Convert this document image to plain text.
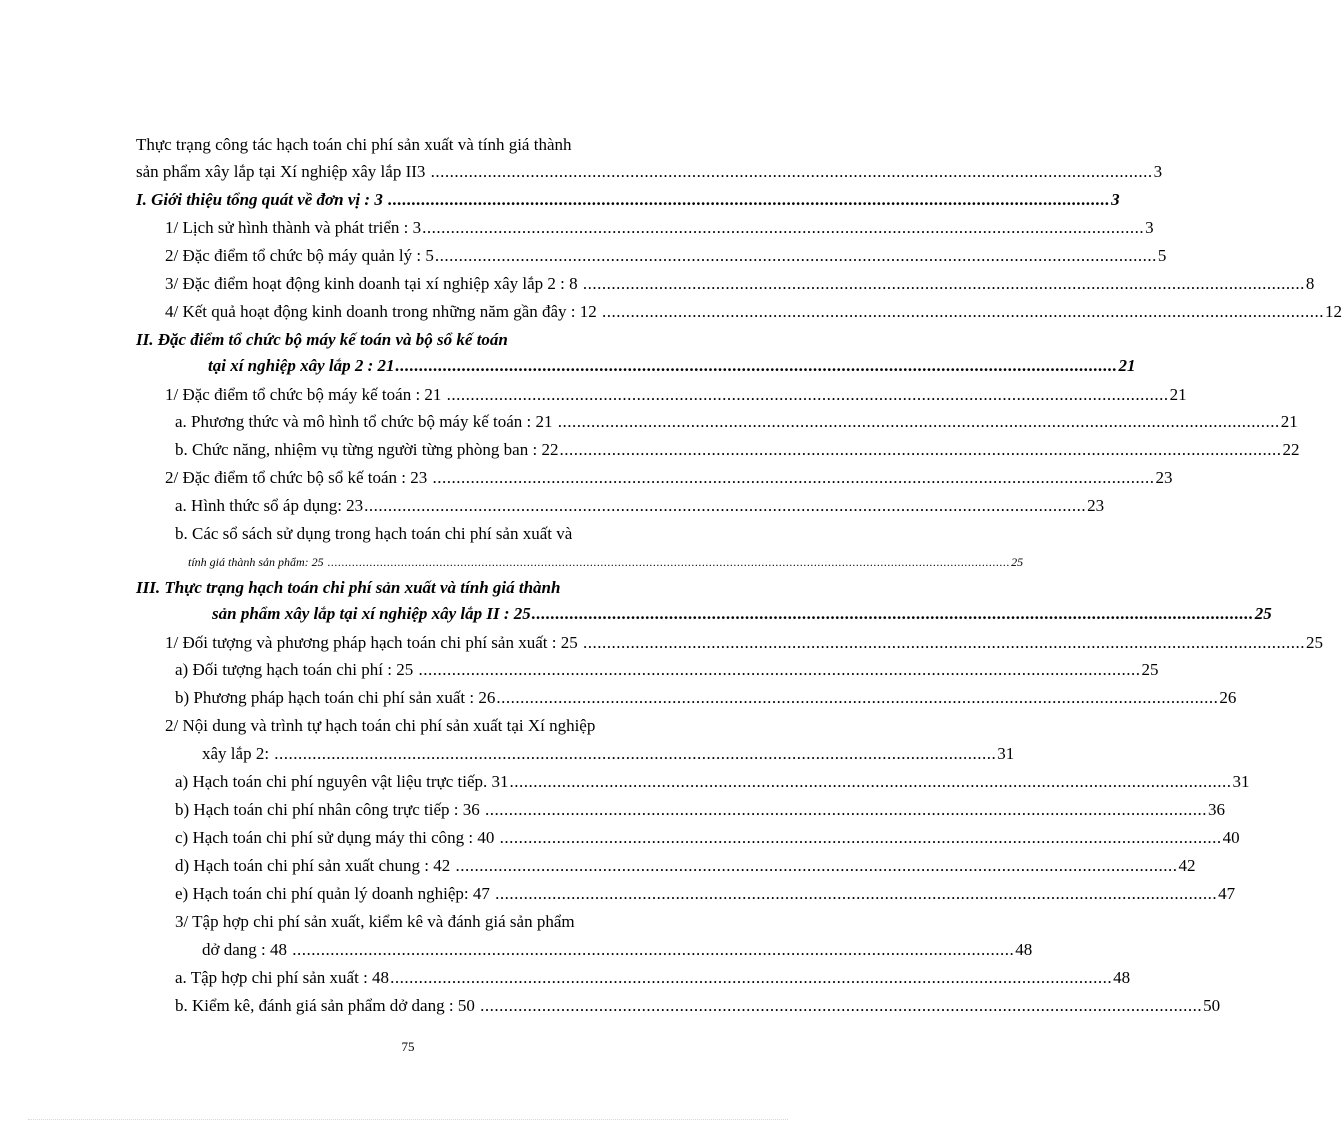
Thực trạng công tác hạch toán chi phí sản xuất và tính giá thành
sản phẩm xây lắp tại Xí nghiệp xây lắp II3 ........................................................................................................................................................ 3
I. Giới thiệu tổng quát về đơn vị : 3 ........................................................................................................................................................ 3
1/ Lịch sử hình thành và phát triển : 3 ........................................................................................................................................................ 3
2/ Đặc điểm tổ chức bộ máy quản lý : 5 ........................................................................................................................................................ 5
3/ Đặc điểm hoạt động kinh doanh tại xí nghiệp xây lắp 2 : 8 ........................................................................................................................................................ 8
4/ Kết quả hoạt động kinh doanh trong những năm gần đây : 12 ........................................................................................................................................................ 12
II. Đặc điểm tổ chức bộ máy kế toán và bộ sổ kế toán
tại xí nghiệp xây lắp 2 : 21 ........................................................................................................................................................ 21
1/ Đặc điểm tổ chức bộ máy kế toán : 21 ........................................................................................................................................................ 21
a. Phương thức và mô hình tổ chức bộ máy kế toán : 21 ........................................................................................................................................................ 21
b. Chức năng, nhiệm vụ từng người từng phòng ban : 22 ........................................................................................................................................................ 22
2/ Đặc điểm tổ chức bộ sổ kế toán : 23 ........................................................................................................................................................ 23
a. Hình thức sổ áp dụng: 23 ........................................................................................................................................................ 23
b. Các sổ sách sử dụng trong hạch toán chi phí sản xuất và
tính giá thành sản phẩm: 25 ................................................................................................................................................................................................... 25
III. Thực trạng hạch toán chi phí sản xuất và tính giá thành
sản phẩm xây lắp tại xí nghiệp xây lắp II : 25 ........................................................................................................................................................ 25
1/ Đối tượng và phương pháp hạch toán chi phí sản xuất : 25 ........................................................................................................................................................ 25
a) Đối tượng hạch toán chi phí : 25 ........................................................................................................................................................ 25
b) Phương pháp hạch toán chi phí sản xuất : 26 ........................................................................................................................................................ 26
2/ Nội dung và trình tự hạch toán chi phí sản xuất tại Xí nghiệp
xây lắp 2: ........................................................................................................................................................ 31
a) Hạch toán chi phí nguyên vật liệu trực tiếp. 31 ........................................................................................................................................................ 31
b) Hạch toán chi phí nhân công trực tiếp : 36 ........................................................................................................................................................ 36
c) Hạch toán chi phí sử dụng máy thi công : 40 ........................................................................................................................................................ 40
d) Hạch toán chi phí sản xuất chung : 42 ........................................................................................................................................................ 42
e) Hạch toán chi phí quản lý doanh nghiệp: 47 ........................................................................................................................................................ 47
3/ Tập hợp chi phí sản xuất, kiểm kê và đánh giá sản phẩm
dở dang : 48 ........................................................................................................................................................ 48
a. Tập hợp chi phí sản xuất : 48 ........................................................................................................................................................ 48
b. Kiểm kê, đánh giá sản phẩm dở dang : 50 ........................................................................................................................................................ 50
75
